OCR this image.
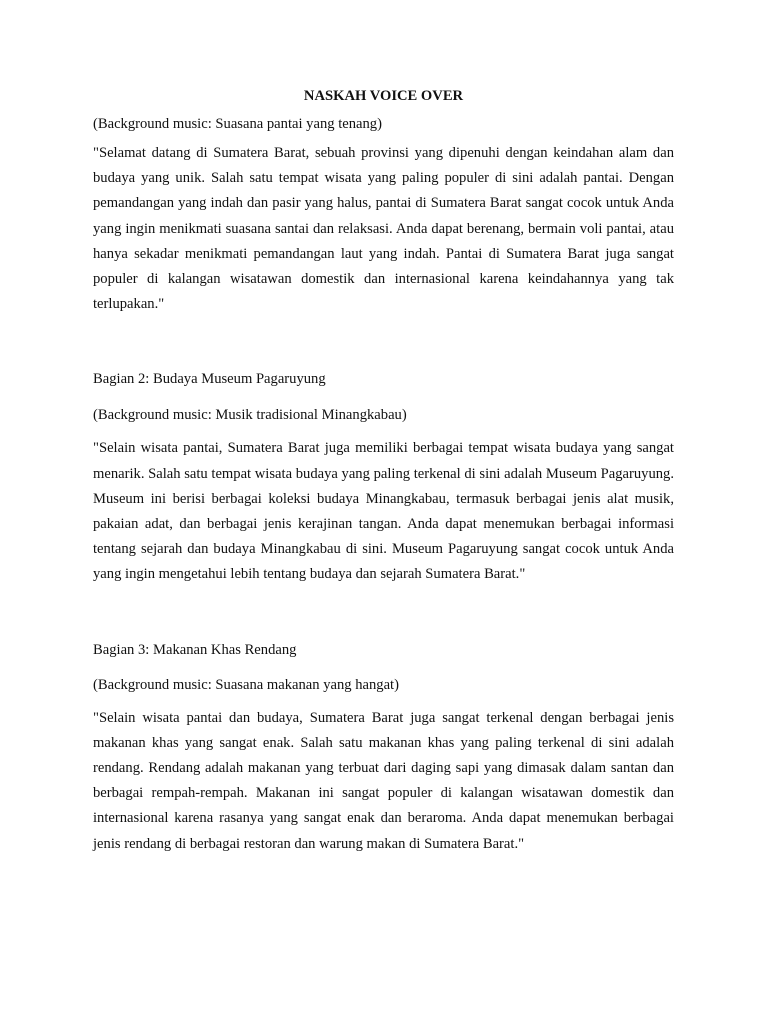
NASKAH VOICE OVER

(Background music: Suasana pantai yang tenang)

"Selamat datang di Sumatera Barat, sebuah provinsi yang dipenuhi dengan keindahan alam dan budaya yang unik. Salah satu tempat wisata yang paling populer di sini adalah pantai. Dengan pemandangan yang indah dan pasir yang halus, pantai di Sumatera Barat sangat cocok untuk Anda yang ingin menikmati suasana santai dan relaksasi. Anda dapat berenang, bermain voli pantai, atau hanya sekadar menikmati pemandangan laut yang indah. Pantai di Sumatera Barat juga sangat populer di kalangan wisatawan domestik dan internasional karena keindahannya yang tak terlupakan."

Bagian 2: Budaya Museum Pagaruyung

(Background music: Musik tradisional Minangkabau)

"Selain wisata pantai, Sumatera Barat juga memiliki berbagai tempat wisata budaya yang sangat menarik. Salah satu tempat wisata budaya yang paling terkenal di sini adalah Museum Pagaruyung. Museum ini berisi berbagai koleksi budaya Minangkabau, termasuk berbagai jenis alat musik, pakaian adat, dan berbagai jenis kerajinan tangan. Anda dapat menemukan berbagai informasi tentang sejarah dan budaya Minangkabau di sini. Museum Pagaruyung sangat cocok untuk Anda yang ingin mengetahui lebih tentang budaya dan sejarah Sumatera Barat."

Bagian 3: Makanan Khas Rendang

(Background music: Suasana makanan yang hangat)

"Selain wisata pantai dan budaya, Sumatera Barat juga sangat terkenal dengan berbagai jenis makanan khas yang sangat enak. Salah satu makanan khas yang paling terkenal di sini adalah rendang. Rendang adalah makanan yang terbuat dari daging sapi yang dimasak dalam santan dan berbagai rempah-rempah. Makanan ini sangat populer di kalangan wisatawan domestik dan internasional karena rasanya yang sangat enak dan beraroma. Anda dapat menemukan berbagai jenis rendang di berbagai restoran dan warung makan di Sumatera Barat."
